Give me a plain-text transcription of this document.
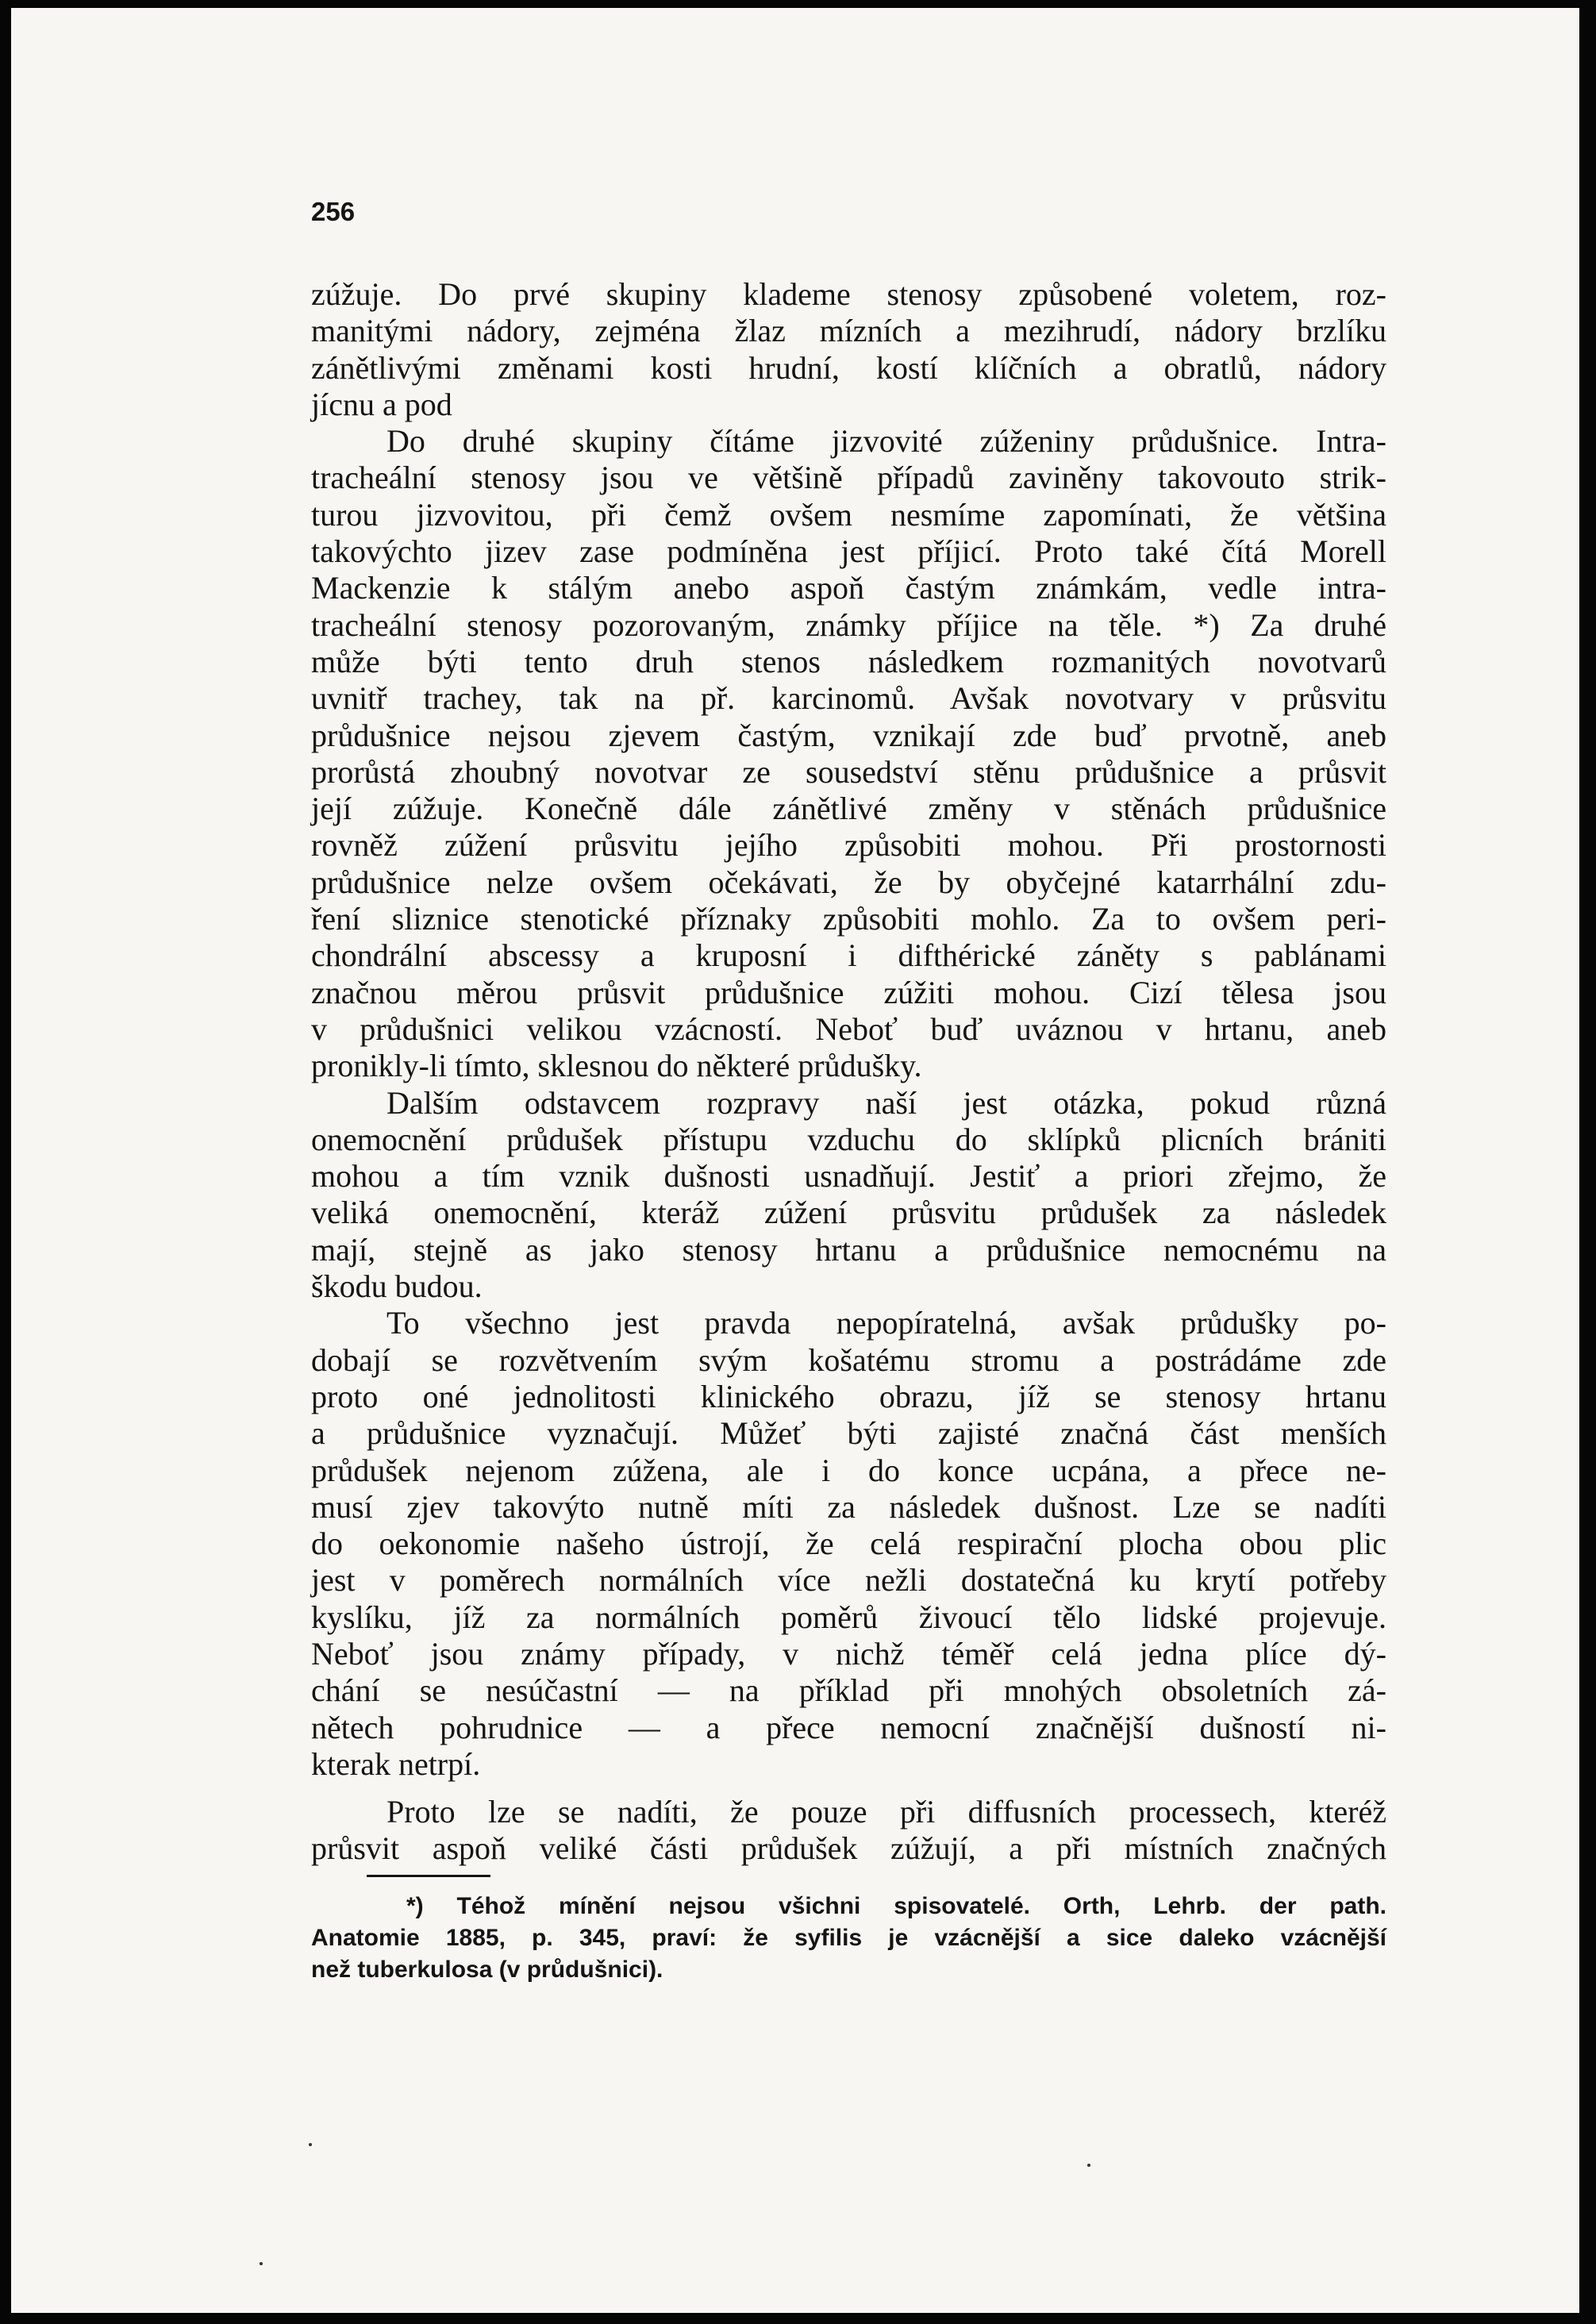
256
zúžuje. Do prvé skupiny klademe stenosy způsobené voletem, roz-
manitými nádory, zejména žlaz mízních a mezihrudí, nádory brzlíku
zánětlivými změnami kosti hrudní, kostí klíčních a obratlů, nádory
jícnu a pod
Do druhé skupiny čítáme jizvovité zúženiny průdušnice. Intra-
tracheální stenosy jsou ve většině případů zaviněny takovouto strik-
turou jizvovitou, při čemž ovšem nesmíme zapomínati, že většina
takovýchto jizev zase podmíněna jest příjicí. Proto také čítá Morell
Mackenzie k stálým anebo aspoň častým známkám, vedle intra-
tracheální stenosy pozorovaným, známky příjice na těle. *) Za druhé
může býti tento druh stenos následkem rozmanitých novotvarů
uvnitř trachey, tak na př. karcinomů. Avšak novotvary v průsvitu
průdušnice nejsou zjevem častým, vznikají zde buď prvotně, aneb
prorůstá zhoubný novotvar ze sousedství stěnu průdušnice a průsvit
její zúžuje. Konečně dále zánětlivé změny v stěnách průdušnice
rovněž zúžení průsvitu jejího způsobiti mohou. Při prostornosti
průdušnice nelze ovšem očekávati, že by obyčejné katarrhální zdu-
ření sliznice stenotické příznaky způsobiti mohlo. Za to ovšem peri-
chondrální abscessy a kruposní i difthérické záněty s pablánami
značnou měrou průsvit průdušnice zúžiti mohou. Cizí tělesa jsou
v průdušnici velikou vzácností. Neboť buď uváznou v hrtanu, aneb
pronikly-li tímto, sklesnou do některé průdušky.
Dalším odstavcem rozpravy naší jest otázka, pokud různá
onemocnění průdušek přístupu vzduchu do sklípků plicních brániti
mohou a tím vznik dušnosti usnadňují. Jestiť a priori zřejmo, že
veliká onemocnění, kteráž zúžení průsvitu průdušek za následek
mají, stejně as jako stenosy hrtanu a průdušnice nemocnému na
škodu budou.
To všechno jest pravda nepopíratelná, avšak průdušky po-
dobají se rozvětvením svým košatému stromu a postrádáme zde
proto oné jednolitosti klinického obrazu, jíž se stenosy hrtanu
a průdušnice vyznačují. Můžeť býti zajisté značná část menších
průdušek nejenom zúžena, ale i do konce ucpána, a přece ne-
musí zjev takovýto nutně míti za následek dušnost. Lze se nadíti
do oekonomie našeho ústrojí, že celá respirační plocha obou plic
jest v poměrech normálních více nežli dostatečná ku krytí potřeby
kyslíku, jíž za normálních poměrů živoucí tělo lidské projevuje.
Neboť jsou známy případy, v nichž téměř celá jedna plíce dý-
chání se nesúčastní — na příklad při mnohých obsoletních zá-
nětech pohrudnice — a přece nemocní značnější dušností ni-
kterak netrpí.
Proto lze se nadíti, že pouze při diffusních processech, kteréž
průsvit aspoň veliké části průdušek zúžují, a při místních značných
*) Téhož mínění nejsou všichni spisovatelé. Orth, Lehrb. der path.
Anatomie 1885, p. 345, praví: že syfilis je vzácnější a sice daleko vzácnější
než tuberkulosa (v průdušnici).
